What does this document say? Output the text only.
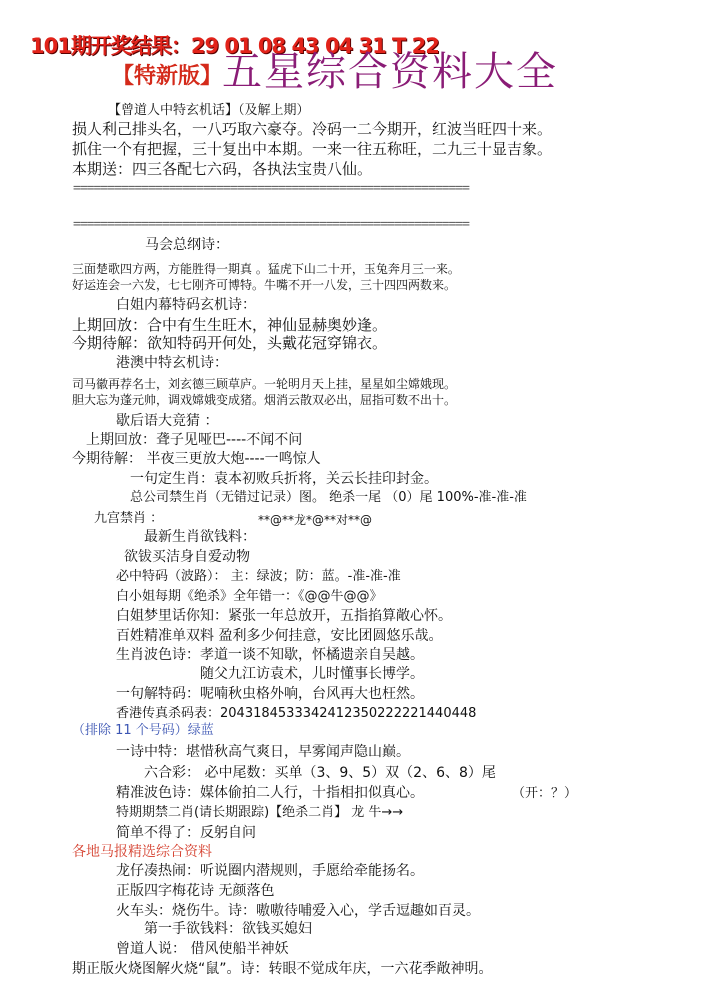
101期开奖结果：29 01 08 43 04 31 T 22
【特新版】 五星综合资料大全
【曾道人中特玄机话】（及解上期）
损人利己排头名，一八巧取六豪夺。冷码一二今期开，红波当旺四十来。
抓住一个有把握，三十复出中本期。一来一往五称旺，二九三十显吉象。
本期送：四三各配七六码，各执法宝贵八仙。
==========================================================
==========================================================
马会总纲诗：
三面楚歌四方两，方能胜得一期真 。猛虎下山二十开，玉兔奔月三一来。
好运连会一六发，七七刚齐可博特。牛嘴不开一八发，三十四四两数来。
白姐内幕特码玄机诗：
上期回放：合中有生生旺木，神仙显赫奥妙逢。
今期待解：欲知特码开何处，头戴花冠穿锦衣。
港澳中特玄机诗：
司马徽再荐名士，刘玄德三顾草庐。一轮明月天上挂，星星如尘嫦娥现。
胆大忘为蓬元帅，调戏嫦娥变成猪。烟消云散双必出，屈指可数不出十。
歇后语大竞猜 ：
上期回放：聋子见哑巴----不闻不问
今期待解： 半夜三更放大炮----一鸣惊人
一句定生肖：袁本初败兵折将，关云长挂印封金。
总公司禁生肖（无错过记录）图。 绝杀一尾 （0）尾 100%-准-准-准
九宫禁肖 ：	**@**龙*@**对**@
最新生肖欲钱料：
欲钹买洁身自爱动物
必中特码（波路）： 主：绿波；防：蓝。-准-准-准
白小姐每期《绝杀》全年错一：《@@牛@@》
白姐梦里话你知：紧张一年总放开，五指掐算敞心怀。
百姓精准单双料 盈利多少何挂意，安比团圆悠乐哉。
生肖波色诗：孝道一谈不知歇，怀橘遗亲自吴越。
随父九江访袁术，儿时懂事长博学。
一句解特码：呢喃秋虫格外响，台风再大也枉然。
香港传真杀码表：2043184533342412350222221440448
（排除 11 个号码）绿蓝
一诗中特：堪惜秋高气爽日，早雾闻声隐山巅。
六合彩： 必中尾数：买单（3、9、5）双（2、6、8）尾
精准波色诗：媒体偷拍二人行，十指相扣似真心。	（开：？）
特期期禁二肖(请长期跟踪)【绝杀二肖】 龙 牛→→
简单不得了：反躬自问
各地马报精选综合资料
龙仔凑热闹：听说圈内潜规则，手愿给牵能扬名。
正版四字梅花诗 无颜落色
火车头：烧伤牛。诗：嗷嗷待哺爱入心，学舌逗趣如百灵。
第一手欲钱料：欲钱买媳妇
曾道人说： 借风使船半神妖
期正版火烧图解火烧“鼠”。诗：转眼不觉成年庆，一六花季敞神明。
